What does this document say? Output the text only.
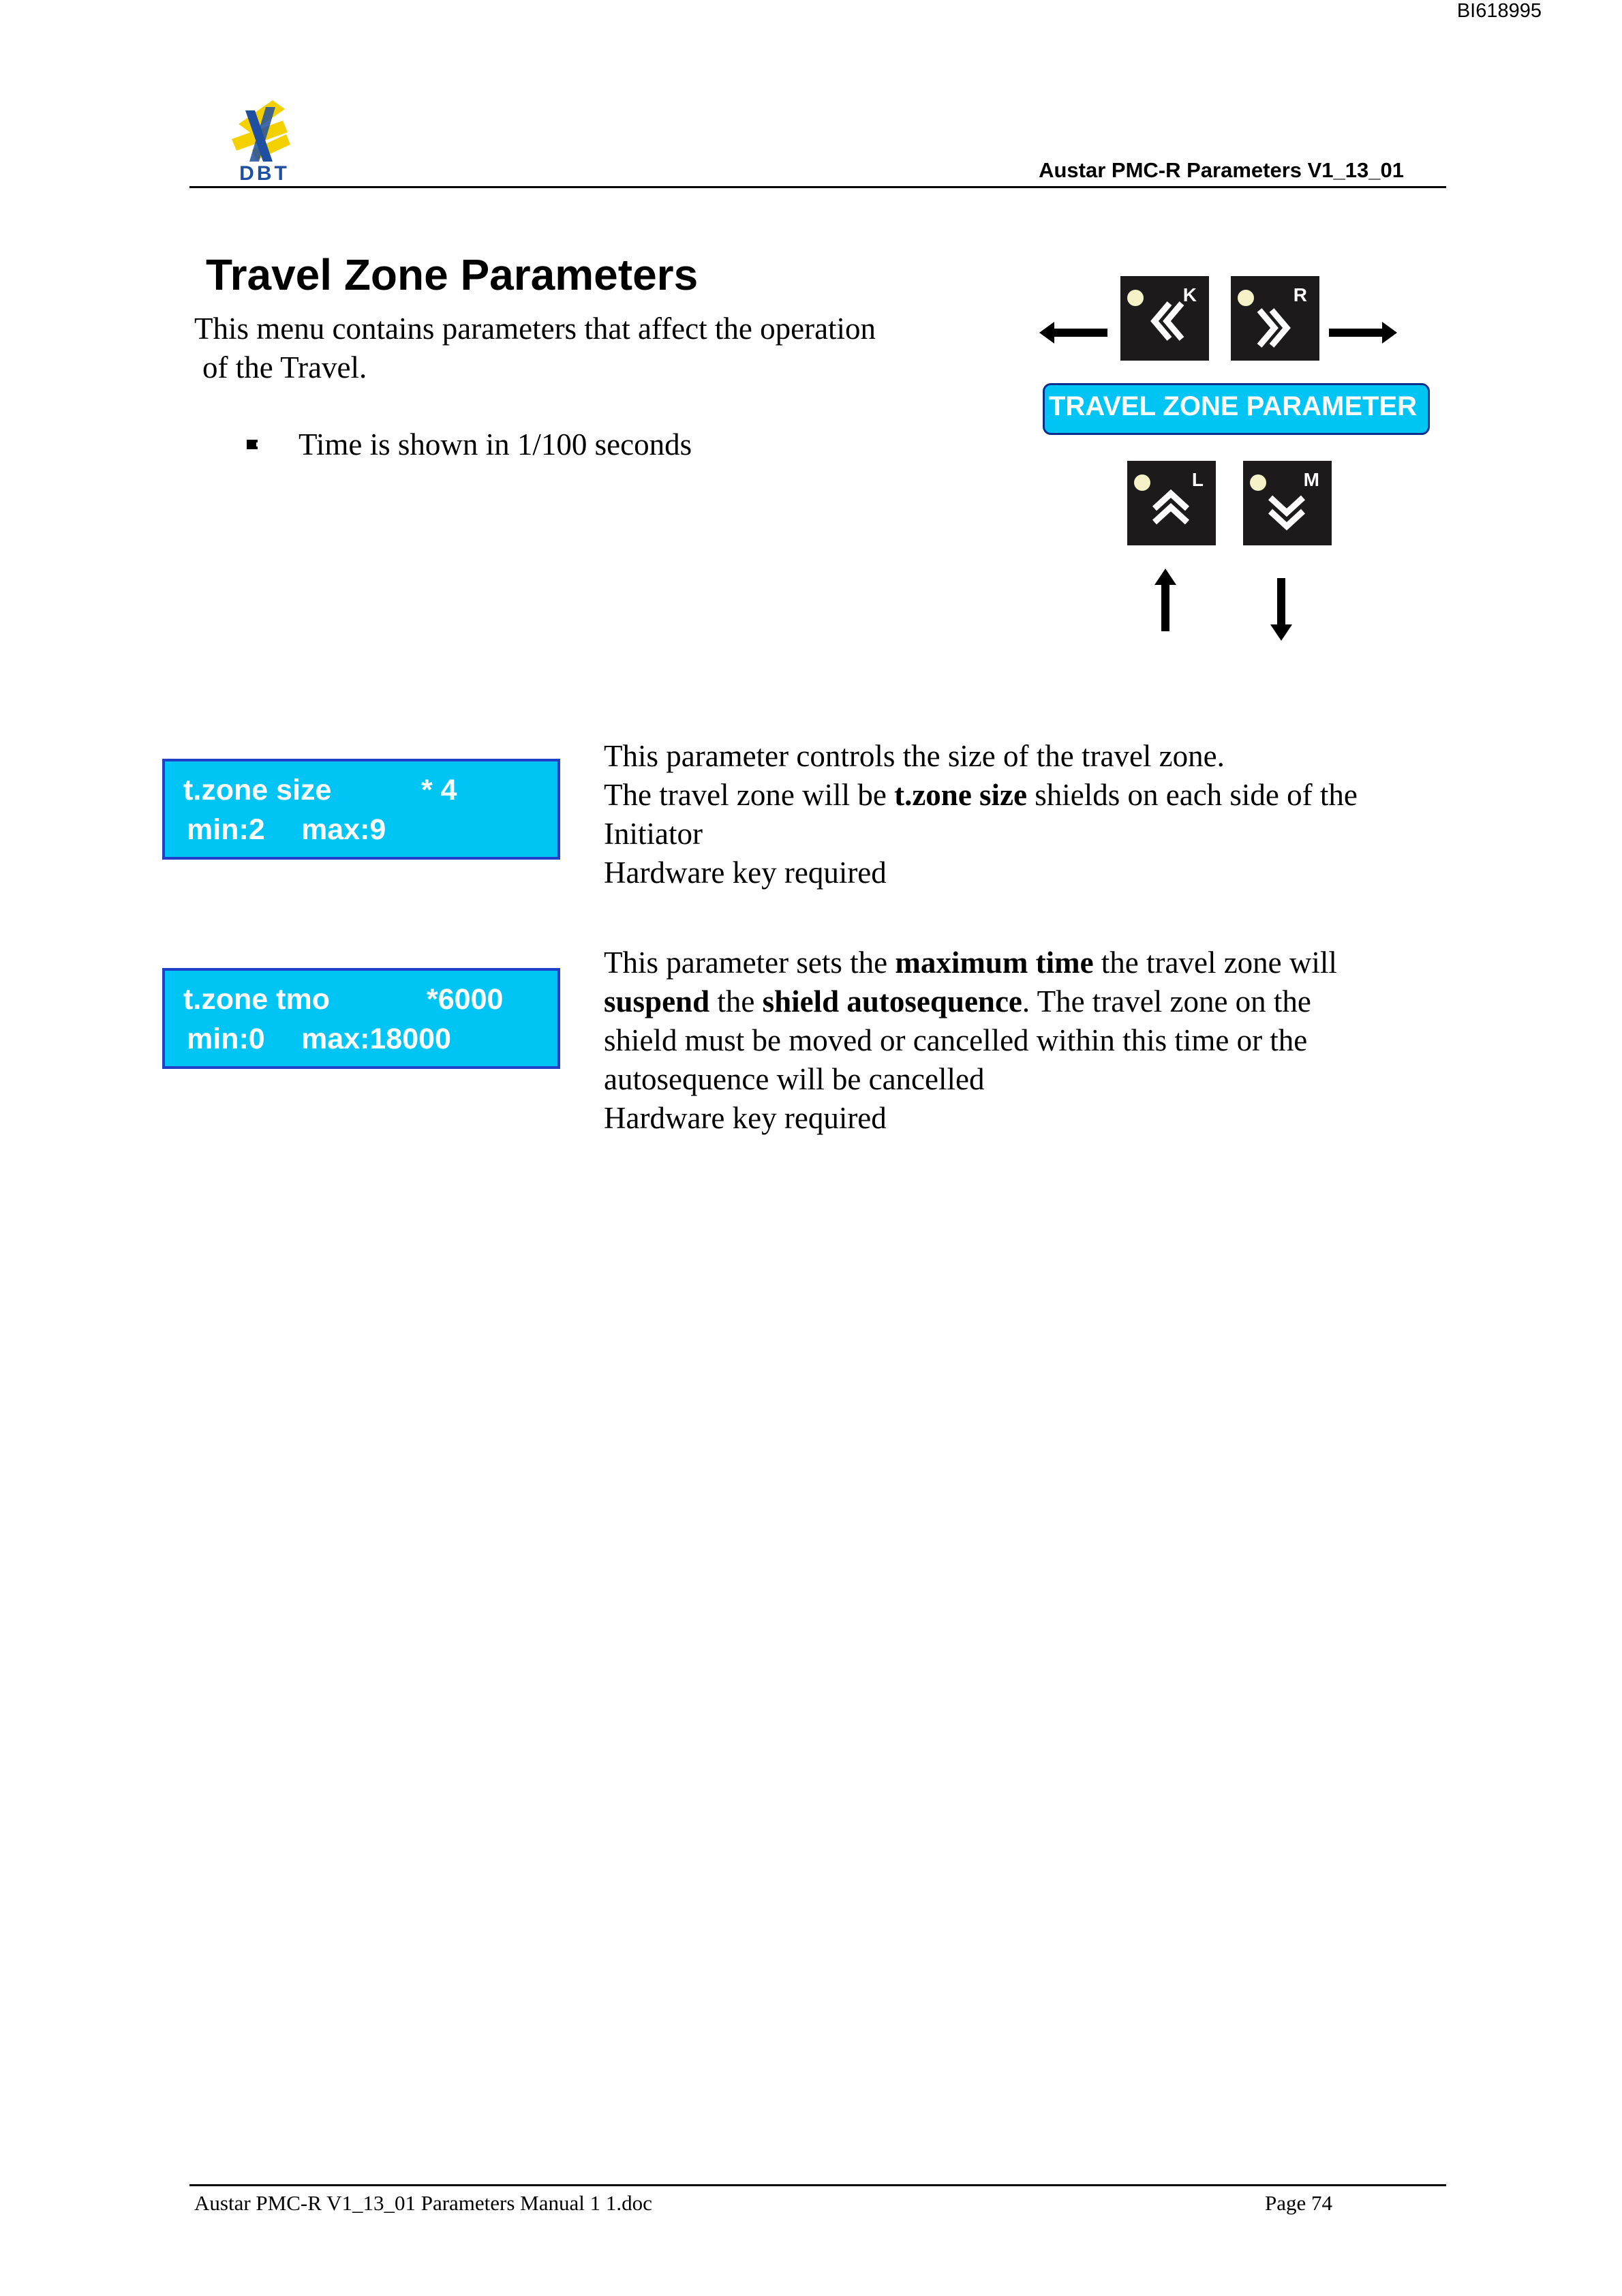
BI618995
DBT	Austar PMC-R Parameters V1_13_01
Travel Zone Parameters
This menu contains parameters that affect the operation
of the Travel.
Time is shown in 1/100 seconds
K	R
TRAVEL ZONE PARAMETER
L	M
t.zone size	* 4
min:2 max:9
This parameter controls the size of the travel zone.
The travel zone will be t.zone size shields on each side of the
Initiator
Hardware key required
t.zone tmo	*6000
min:0 max:18000
This parameter sets the maximum time the travel zone will
suspend the shield autosequence. The travel zone on the
shield must be moved or cancelled within this time or the
autosequence will be cancelled
Hardware key required
Austar PMC-R V1_13_01 Parameters Manual 1 1.doc	Page 74
